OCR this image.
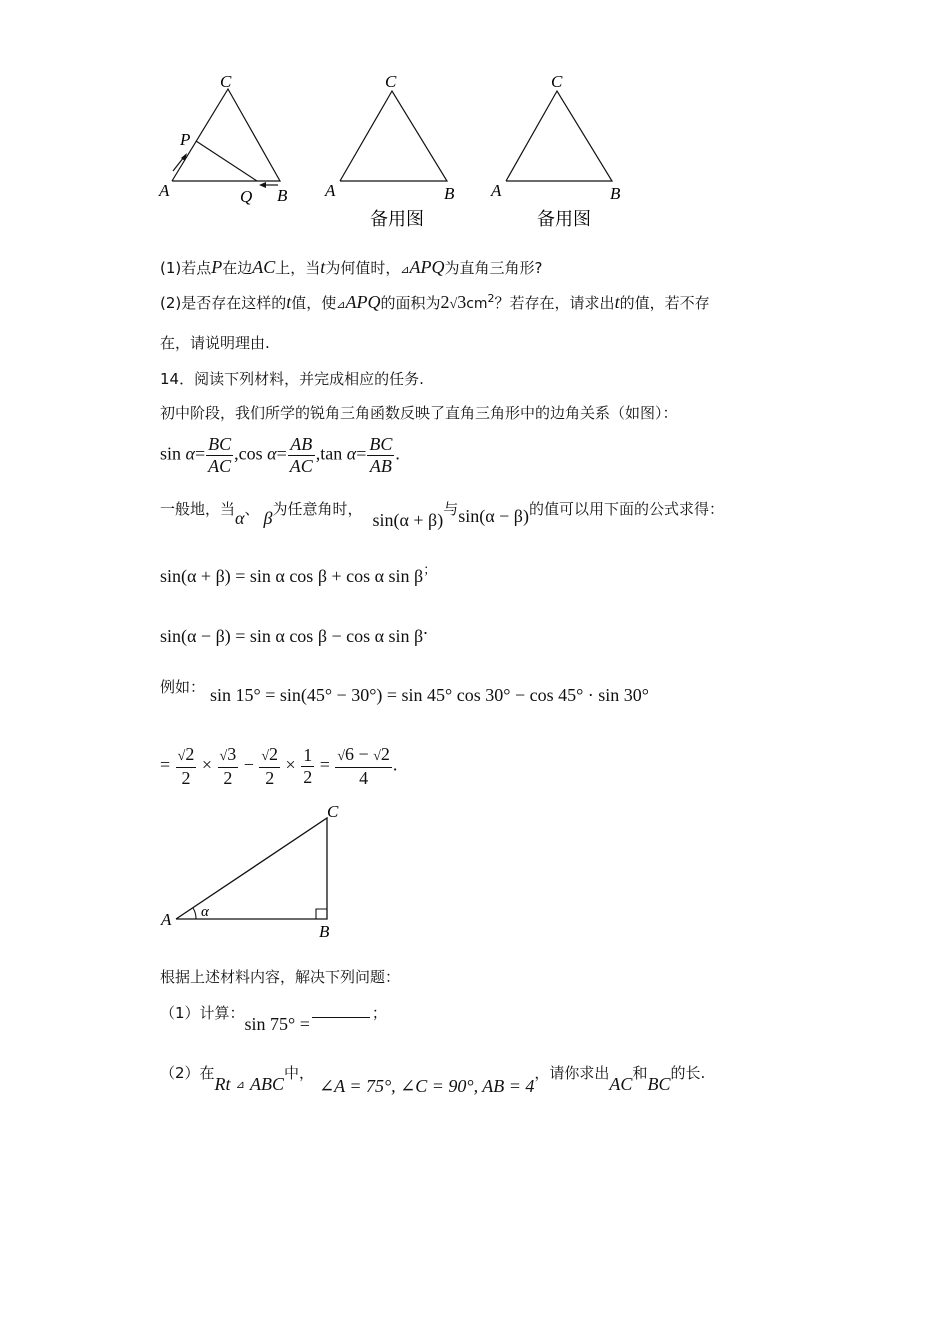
C
P
A	Q B
C
A	B
备用图
C
A	B
备用图
(1)若点P在边AC上，当t为何值时，⊿APQ为直角三角形?
(2)是否存在这样的t值，使⊿APQ的面积为$2√3cm^2$？若存在，请求出t的值，若不存
在，请说明理由.
14．阅读下列材料，并完成相应的任务.
初中阶段，我们所学的锐角三角函数反映了直角三角形中的边角关系（如图）：
$\sin \alpha= \frac{BC}{AC} ,\cos$ $\alpha= \frac{AB}{AC} ,\tan$ $\alpha= \frac{BC}{AB}$ .
一般地，当α、 β为任意角时，sin(α + β)与sin(α − β)的值可以用下面的公式求得：
sin(α + β) = sin α cos β + cos α sin β；
sin(α − β) = sin α cos β − cos α sin β.
例如： sin 15° = sin(45° − 30°) = sin 45° cos 30° − cos 45° · sin 30°
= $\frac{√2}{2} \times \frac{√3}{2} - \frac{√2}{2} \times \frac{1}{2} = \frac{√6 - √2}{4}$ .
C
A
B
α
根据上述材料内容，解决下列问题：
（1）计算：sin 75° =；
（2）在Rt $_⊿$ ABC中， ∠A = 75°, ∠C = 90°, AB = 4，请你求出AC和BC的长.
